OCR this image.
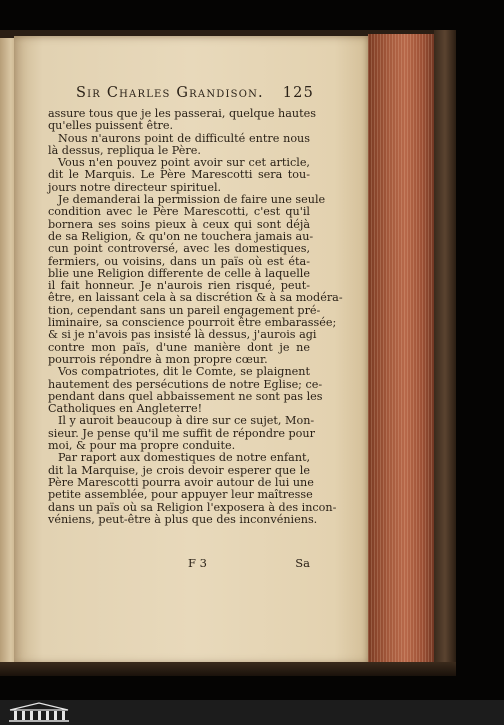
Sir Charles Grandison. 125
assure tous que je les passerai, quelque hautes
qu'elles puissent être.
Nous n'aurons point de difficulté entre nous
là dessus, repliqua le Père.
Vous n'en pouvez point avoir sur cet article,
dit le Marquis. Le Père Marescotti sera tou-
jours notre directeur spirituel.
Je demanderai la permission de faire une seule
condition avec le Père Marescotti, c'est qu'il
bornera ses soins pieux à ceux qui sont déjà
de sa Religion, & qu'on ne touchera jamais au-
cun point controversé, avec les domestiques,
fermiers, ou voisins, dans un païs où est éta-
blie une Religion differente de celle à laquelle
il fait honneur. Je n'aurois rien risqué, peut-
être, en laissant cela à sa discrétion & à sa modéra-
tion, cependant sans un pareil engagement pré-
liminaire, sa conscience pourroit être embarassée;
& si je n'avois pas insisté là dessus, j'aurois agi
contre mon païs, d'une manière dont je ne
pourrois répondre à mon propre cœur.
Vos compatriotes, dit le Comte, se plaignent
hautement des persécutions de notre Eglise; ce-
pendant dans quel abbaissement ne sont pas les
Catholiques en Angleterre!
Il y auroit beaucoup à dire sur ce sujet, Mon-
sieur. Je pense qu'il me suffit de répondre pour
moi, & pour ma propre conduite.
Par raport aux domestiques de notre enfant,
dit la Marquise, je crois devoir esperer que le
Père Marescotti pourra avoir autour de lui une
petite assemblée, pour appuyer leur maîtresse
dans un païs où sa Religion l'exposera à des incon-
véniens, peut-être à plus que des inconvéniens.
F 3	Sa
